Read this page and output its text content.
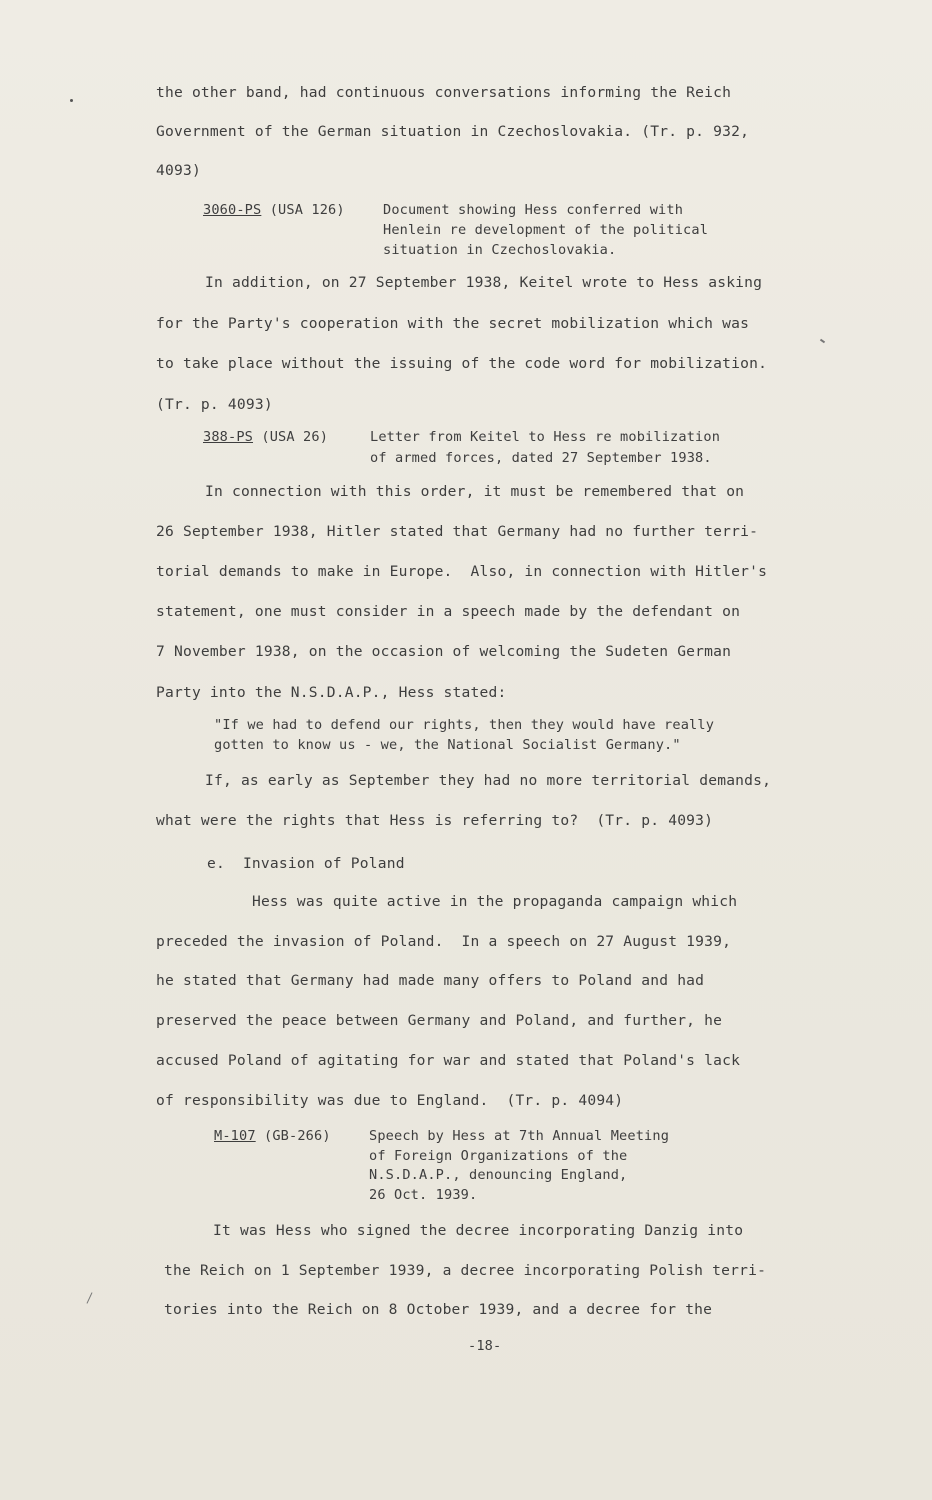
the other band, had continuous conversations informing the Reich
Government of the German situation in Czechoslovakia. (Tr. p. 932,
4093)
3060-PS (USA 126)	Document showing Hess conferred with
Henlein re development of the political
situation in Czechoslovakia.
In addition, on 27 September 1938, Keitel wrote to Hess asking
for the Party's cooperation with the secret mobilization which was
to take place without the issuing of the code word for mobilization.
(Tr. p. 4093)
388-PS (USA 26)	Letter from Keitel to Hess re mobilization
of armed forces, dated 27 September 1938.
In connection with this order, it must be remembered that on
26 September 1938, Hitler stated that Germany had no further terri-
torial demands to make in Europe.  Also, in connection with Hitler's
statement, one must consider in a speech made by the defendant on
7 November 1938, on the occasion of welcoming the Sudeten German
Party into the N.S.D.A.P., Hess stated:
"If we had to defend our rights, then they would have really
gotten to know us - we, the National Socialist Germany."
If, as early as September they had no more territorial demands,
what were the rights that Hess is referring to?  (Tr. p. 4093)
e.  Invasion of Poland
Hess was quite active in the propaganda campaign which
preceded the invasion of Poland.  In a speech on 27 August 1939,
he stated that Germany had made many offers to Poland and had
preserved the peace between Germany and Poland, and further, he
accused Poland of agitating for war and stated that Poland's lack
of responsibility was due to England.  (Tr. p. 4094)
M-107 (GB-266)	Speech by Hess at 7th Annual Meeting
of Foreign Organizations of the
N.S.D.A.P., denouncing England,
26 Oct. 1939.
It was Hess who signed the decree incorporating Danzig into
the Reich on 1 September 1939, a decree incorporating Polish terri-
tories into the Reich on 8 October 1939, and a decree for the
-18-
